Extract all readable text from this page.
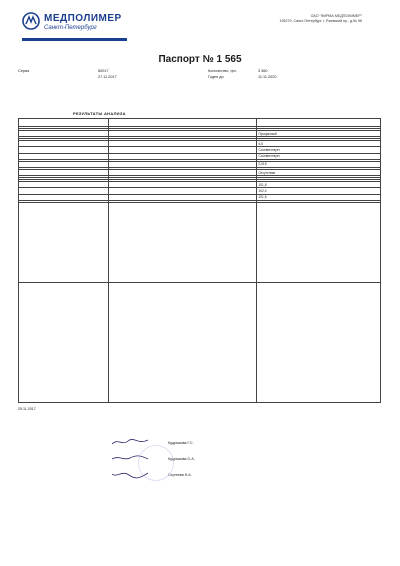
МЕДПОЛИМЕР
Санкт-Петербург
ОАО "ФИРМА МЕДПОЛИМЕР"
195279, Санкт-Петербург, г. Ржевский пр., д.№ 96
Паспорт № 1 565
Серия	60017	Количество, фл.	3 360
27.11.2017	Годен до	11.11.2020
РЕЗУЛЬТАТЫ АНАЛИЗА

		Прозрачный

		5,5
		Соответствует
		Соответствует

		0,015

		Отсутствие

		101,8
		102,4
		101,6

25.11.2017
Кудряшова Г.С.
Кудряшова О.А.
Сергеева Н.А.
